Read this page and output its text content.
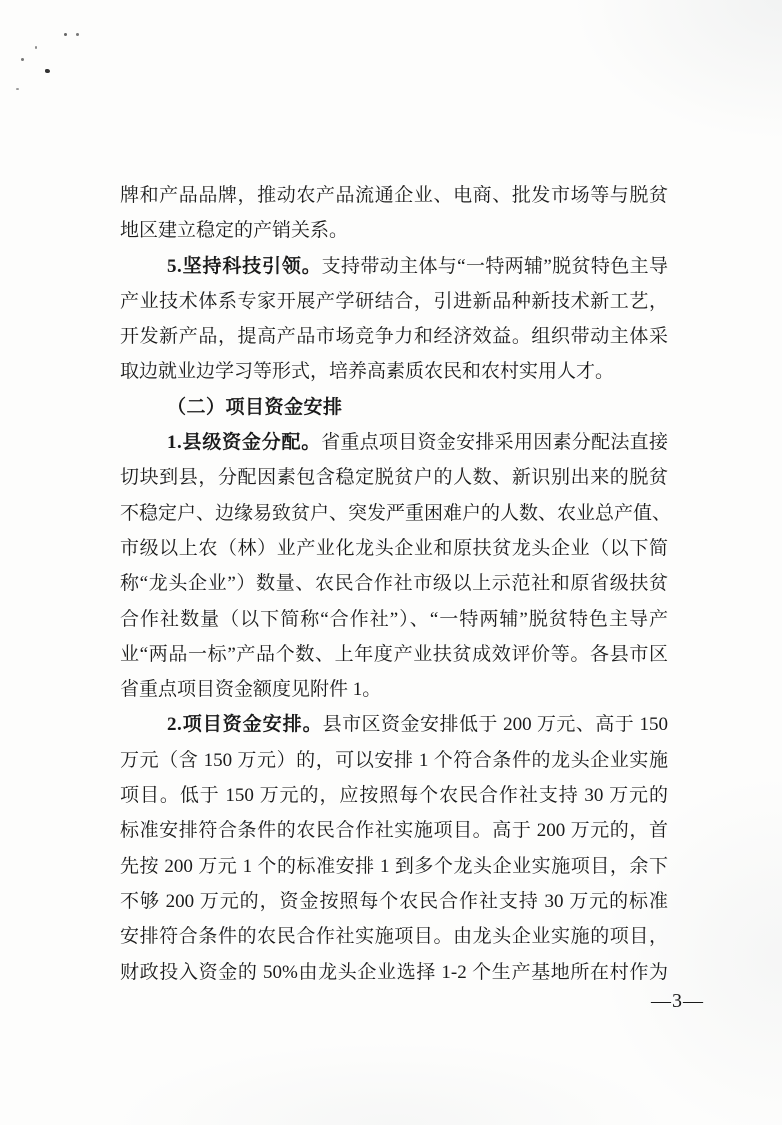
牌和产品品牌，推动农产品流通企业、电商、批发市场等与脱贫
地区建立稳定的产销关系。
5.坚持科技引领。支持带动主体与“一特两辅”脱贫特色主导
产业技术体系专家开展产学研结合，引进新品种新技术新工艺，
开发新产品，提高产品市场竞争力和经济效益。组织带动主体采
取边就业边学习等形式，培养高素质农民和农村实用人才。
（二）项目资金安排
1.县级资金分配。省重点项目资金安排采用因素分配法直接
切块到县，分配因素包含稳定脱贫户的人数、新识别出来的脱贫
不稳定户、边缘易致贫户、突发严重困难户的人数、农业总产值、
市级以上农（林）业产业化龙头企业和原扶贫龙头企业（以下简
称“龙头企业”）数量、农民合作社市级以上示范社和原省级扶贫
合作社数量（以下简称“合作社”）、“一特两辅”脱贫特色主导产
业“两品一标”产品个数、上年度产业扶贫成效评价等。各县市区
省重点项目资金额度见附件 1。
2.项目资金安排。县市区资金安排低于 200 万元、高于 150
万元（含 150 万元）的，可以安排 1 个符合条件的龙头企业实施
项目。低于 150 万元的，应按照每个农民合作社支持 30 万元的
标准安排符合条件的农民合作社实施项目。高于 200 万元的，首
先按 200 万元 1 个的标准安排 1 到多个龙头企业实施项目，余下
不够 200 万元的，资金按照每个农民合作社支持 30 万元的标准
安排符合条件的农民合作社实施项目。由龙头企业实施的项目，
财政投入资金的 50%由龙头企业选择 1-2 个生产基地所在村作为
—3—
